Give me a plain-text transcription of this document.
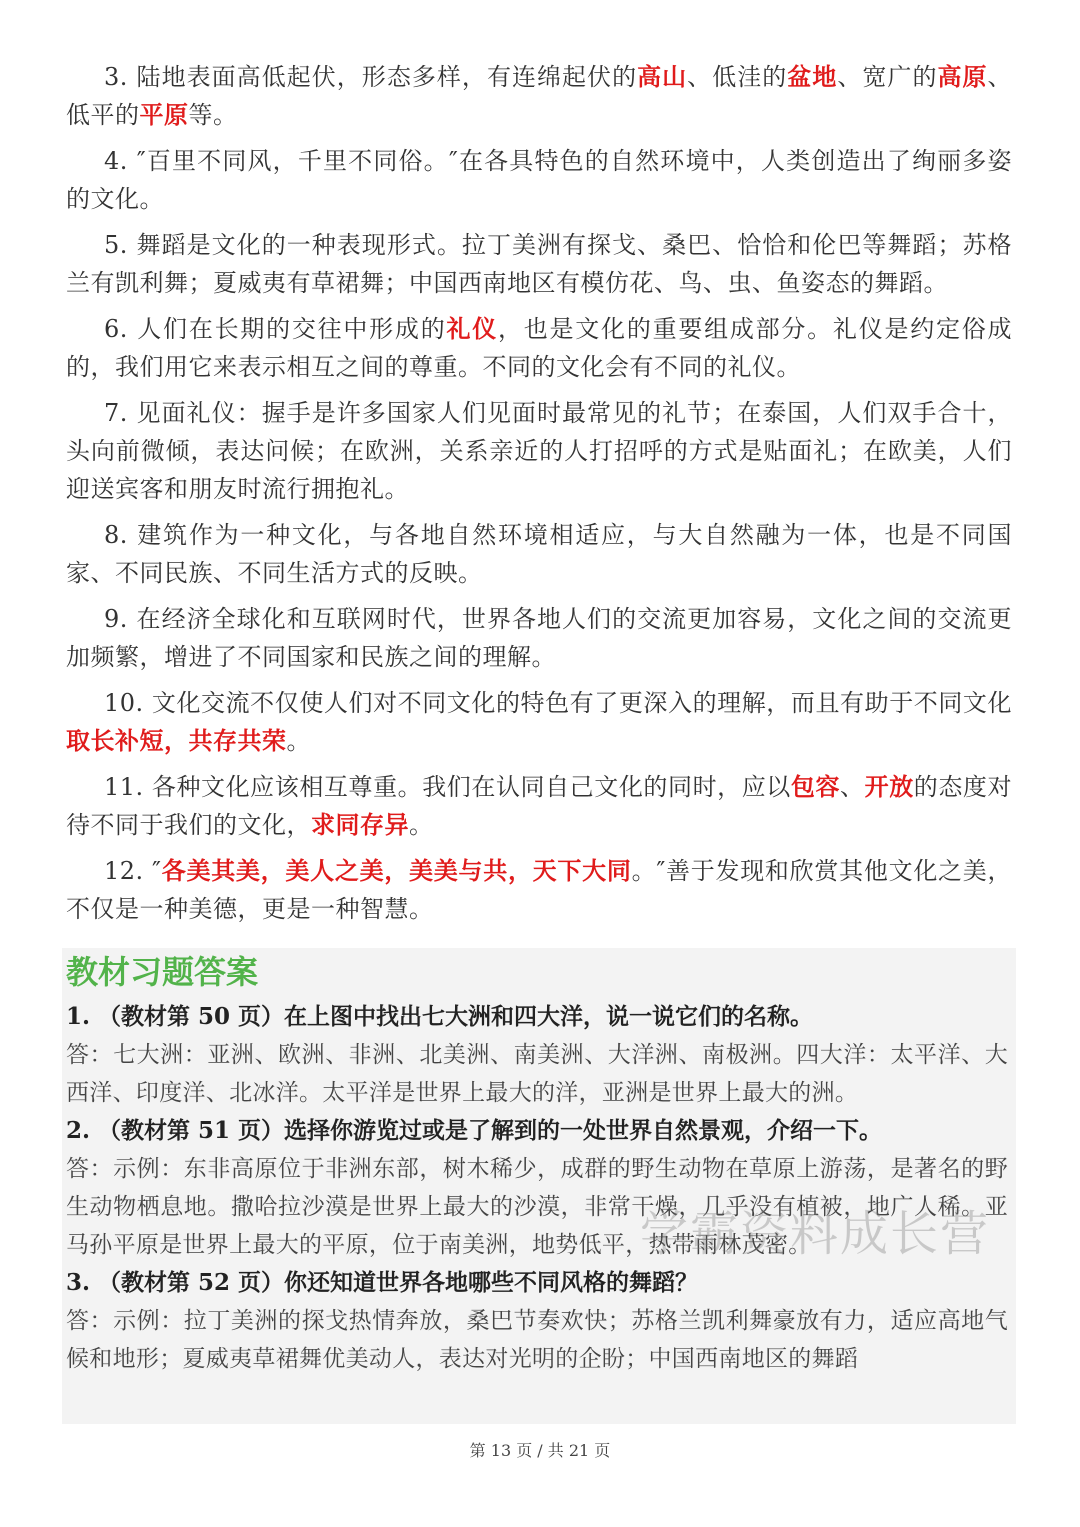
3. 陆地表面高低起伏，形态多样，有连绵起伏的高山、低洼的盆地、宽广的高原、低平的平原等。

4. ″百里不同风，千里不同俗。″在各具特色的自然环境中，人类创造出了绚丽多姿的文化。

5. 舞蹈是文化的一种表现形式。拉丁美洲有探戈、桑巴、恰恰和伦巴等舞蹈；苏格兰有凯利舞；夏威夷有草裙舞；中国西南地区有模仿花、鸟、虫、鱼姿态的舞蹈。

6. 人们在长期的交往中形成的礼仪，也是文化的重要组成部分。礼仪是约定俗成的，我们用它来表示相互之间的尊重。不同的文化会有不同的礼仪。

7. 见面礼仪：握手是许多国家人们见面时最常见的礼节；在泰国，人们双手合十，头向前微倾，表达问候；在欧洲，关系亲近的人打招呼的方式是贴面礼；在欧美，人们迎送宾客和朋友时流行拥抱礼。

8. 建筑作为一种文化，与各地自然环境相适应，与大自然融为一体，也是不同国家、不同民族、不同生活方式的反映。

9. 在经济全球化和互联网时代，世界各地人们的交流更加容易，文化之间的交流更加频繁，增进了不同国家和民族之间的理解。

10. 文化交流不仅使人们对不同文化的特色有了更深入的理解，而且有助于不同文化取长补短，共存共荣。

11. 各种文化应该相互尊重。我们在认同自己文化的同时，应以包容、开放的态度对待不同于我们的文化，求同存异。

12. ″各美其美，美人之美，美美与共，天下大同。″善于发现和欣赏其他文化之美，不仅是一种美德，更是一种智慧。

教材习题答案

1. （教材第 50 页）在上图中找出七大洲和四大洋，说一说它们的名称。

答：七大洲：亚洲、欧洲、非洲、北美洲、南美洲、大洋洲、南极洲。四大洋：太平洋、大西洋、印度洋、北冰洋。太平洋是世界上最大的洋，亚洲是世界上最大的洲。

2. （教材第 51 页）选择你游览过或是了解到的一处世界自然景观，介绍一下。

答：示例：东非高原位于非洲东部，树木稀少，成群的野生动物在草原上游荡，是著名的野生动物栖息地。撒哈拉沙漠是世界上最大的沙漠，非常干燥，几乎没有植被，地广人稀。亚马孙平原是世界上最大的平原，位于南美洲，地势低平，热带雨林茂密。

3. （教材第 52 页）你还知道世界各地哪些不同风格的舞蹈？

答：示例：拉丁美洲的探戈热情奔放，桑巴节奏欢快；苏格兰凯利舞豪放有力，适应高地气候和地形；夏威夷草裙舞优美动人，表达对光明的企盼；中国西南地区的舞蹈

学霸资料成长营
第 13 页 / 共 21 页
